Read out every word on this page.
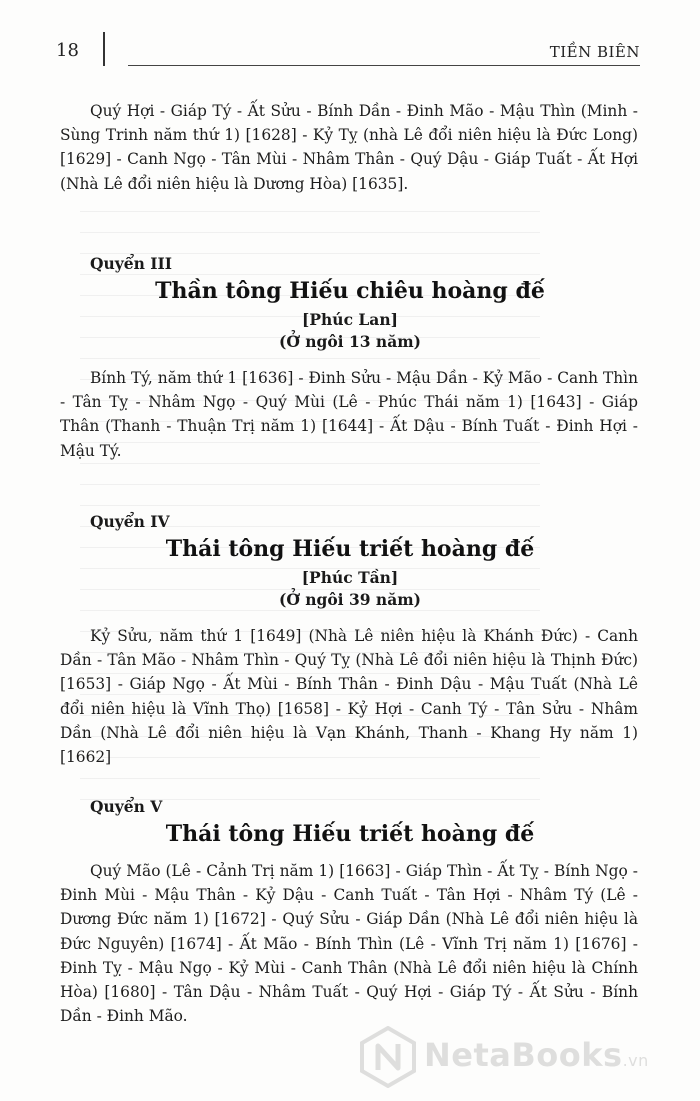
18	TIỀN BIÊN

Quý Hợi - Giáp Tý - Ất Sửu - Bính Dần - Đinh Mão - Mậu Thìn (Minh - Sùng Trinh năm thứ 1) [1628] - Kỷ Tỵ (nhà Lê đổi niên hiệu là Đức Long) [1629] - Canh Ngọ - Tân Mùi - Nhâm Thân - Quý Dậu - Giáp Tuất - Ất Hợi (Nhà Lê đổi niên hiệu là Dương Hòa) [1635].

Quyển III

Thần tông Hiếu chiêu hoàng đế

[Phúc Lan]

(Ở ngôi 13 năm)

Bính Tý, năm thứ 1 [1636] - Đinh Sửu - Mậu Dần - Kỷ Mão - Canh Thìn - Tân Tỵ - Nhâm Ngọ - Quý Mùi (Lê - Phúc Thái năm 1) [1643] - Giáp Thân (Thanh - Thuận Trị năm 1) [1644] - Ất Dậu - Bính Tuất - Đinh Hợi - Mậu Tý.

Quyển IV

Thái tông Hiếu triết hoàng đế

[Phúc Tần]

(Ở ngôi 39 năm)

Kỷ Sửu, năm thứ 1 [1649] (Nhà Lê niên hiệu là Khánh Đức) - Canh Dần - Tân Mão - Nhâm Thìn - Quý Tỵ (Nhà Lê đổi niên hiệu là Thịnh Đức) [1653] - Giáp Ngọ - Ất Mùi - Bính Thân - Đinh Dậu - Mậu Tuất (Nhà Lê đổi niên hiệu là Vĩnh Thọ) [1658] - Kỷ Hợi - Canh Tý - Tân Sửu - Nhâm Dần (Nhà Lê đổi niên hiệu là Vạn Khánh, Thanh - Khang Hy năm 1) [1662]

Quyển V

Thái tông Hiếu triết hoàng đế

Quý Mão (Lê - Cảnh Trị năm 1) [1663] - Giáp Thìn - Ất Tỵ - Bính Ngọ - Đinh Mùi - Mậu Thân - Kỷ Dậu - Canh Tuất - Tân Hợi - Nhâm Tý (Lê - Dương Đức năm 1) [1672] - Quý Sửu - Giáp Dần (Nhà Lê đổi niên hiệu là Đức Nguyên) [1674] - Ất Mão - Bính Thìn (Lê - Vĩnh Trị năm 1) [1676] - Đinh Tỵ - Mậu Ngọ - Kỷ Mùi - Canh Thân (Nhà Lê đổi niên hiệu là Chính Hòa) [1680] - Tân Dậu - Nhâm Tuất - Quý Hợi - Giáp Tý - Ất Sửu - Bính Dần - Đinh Mão.

NetaBooks.vn
